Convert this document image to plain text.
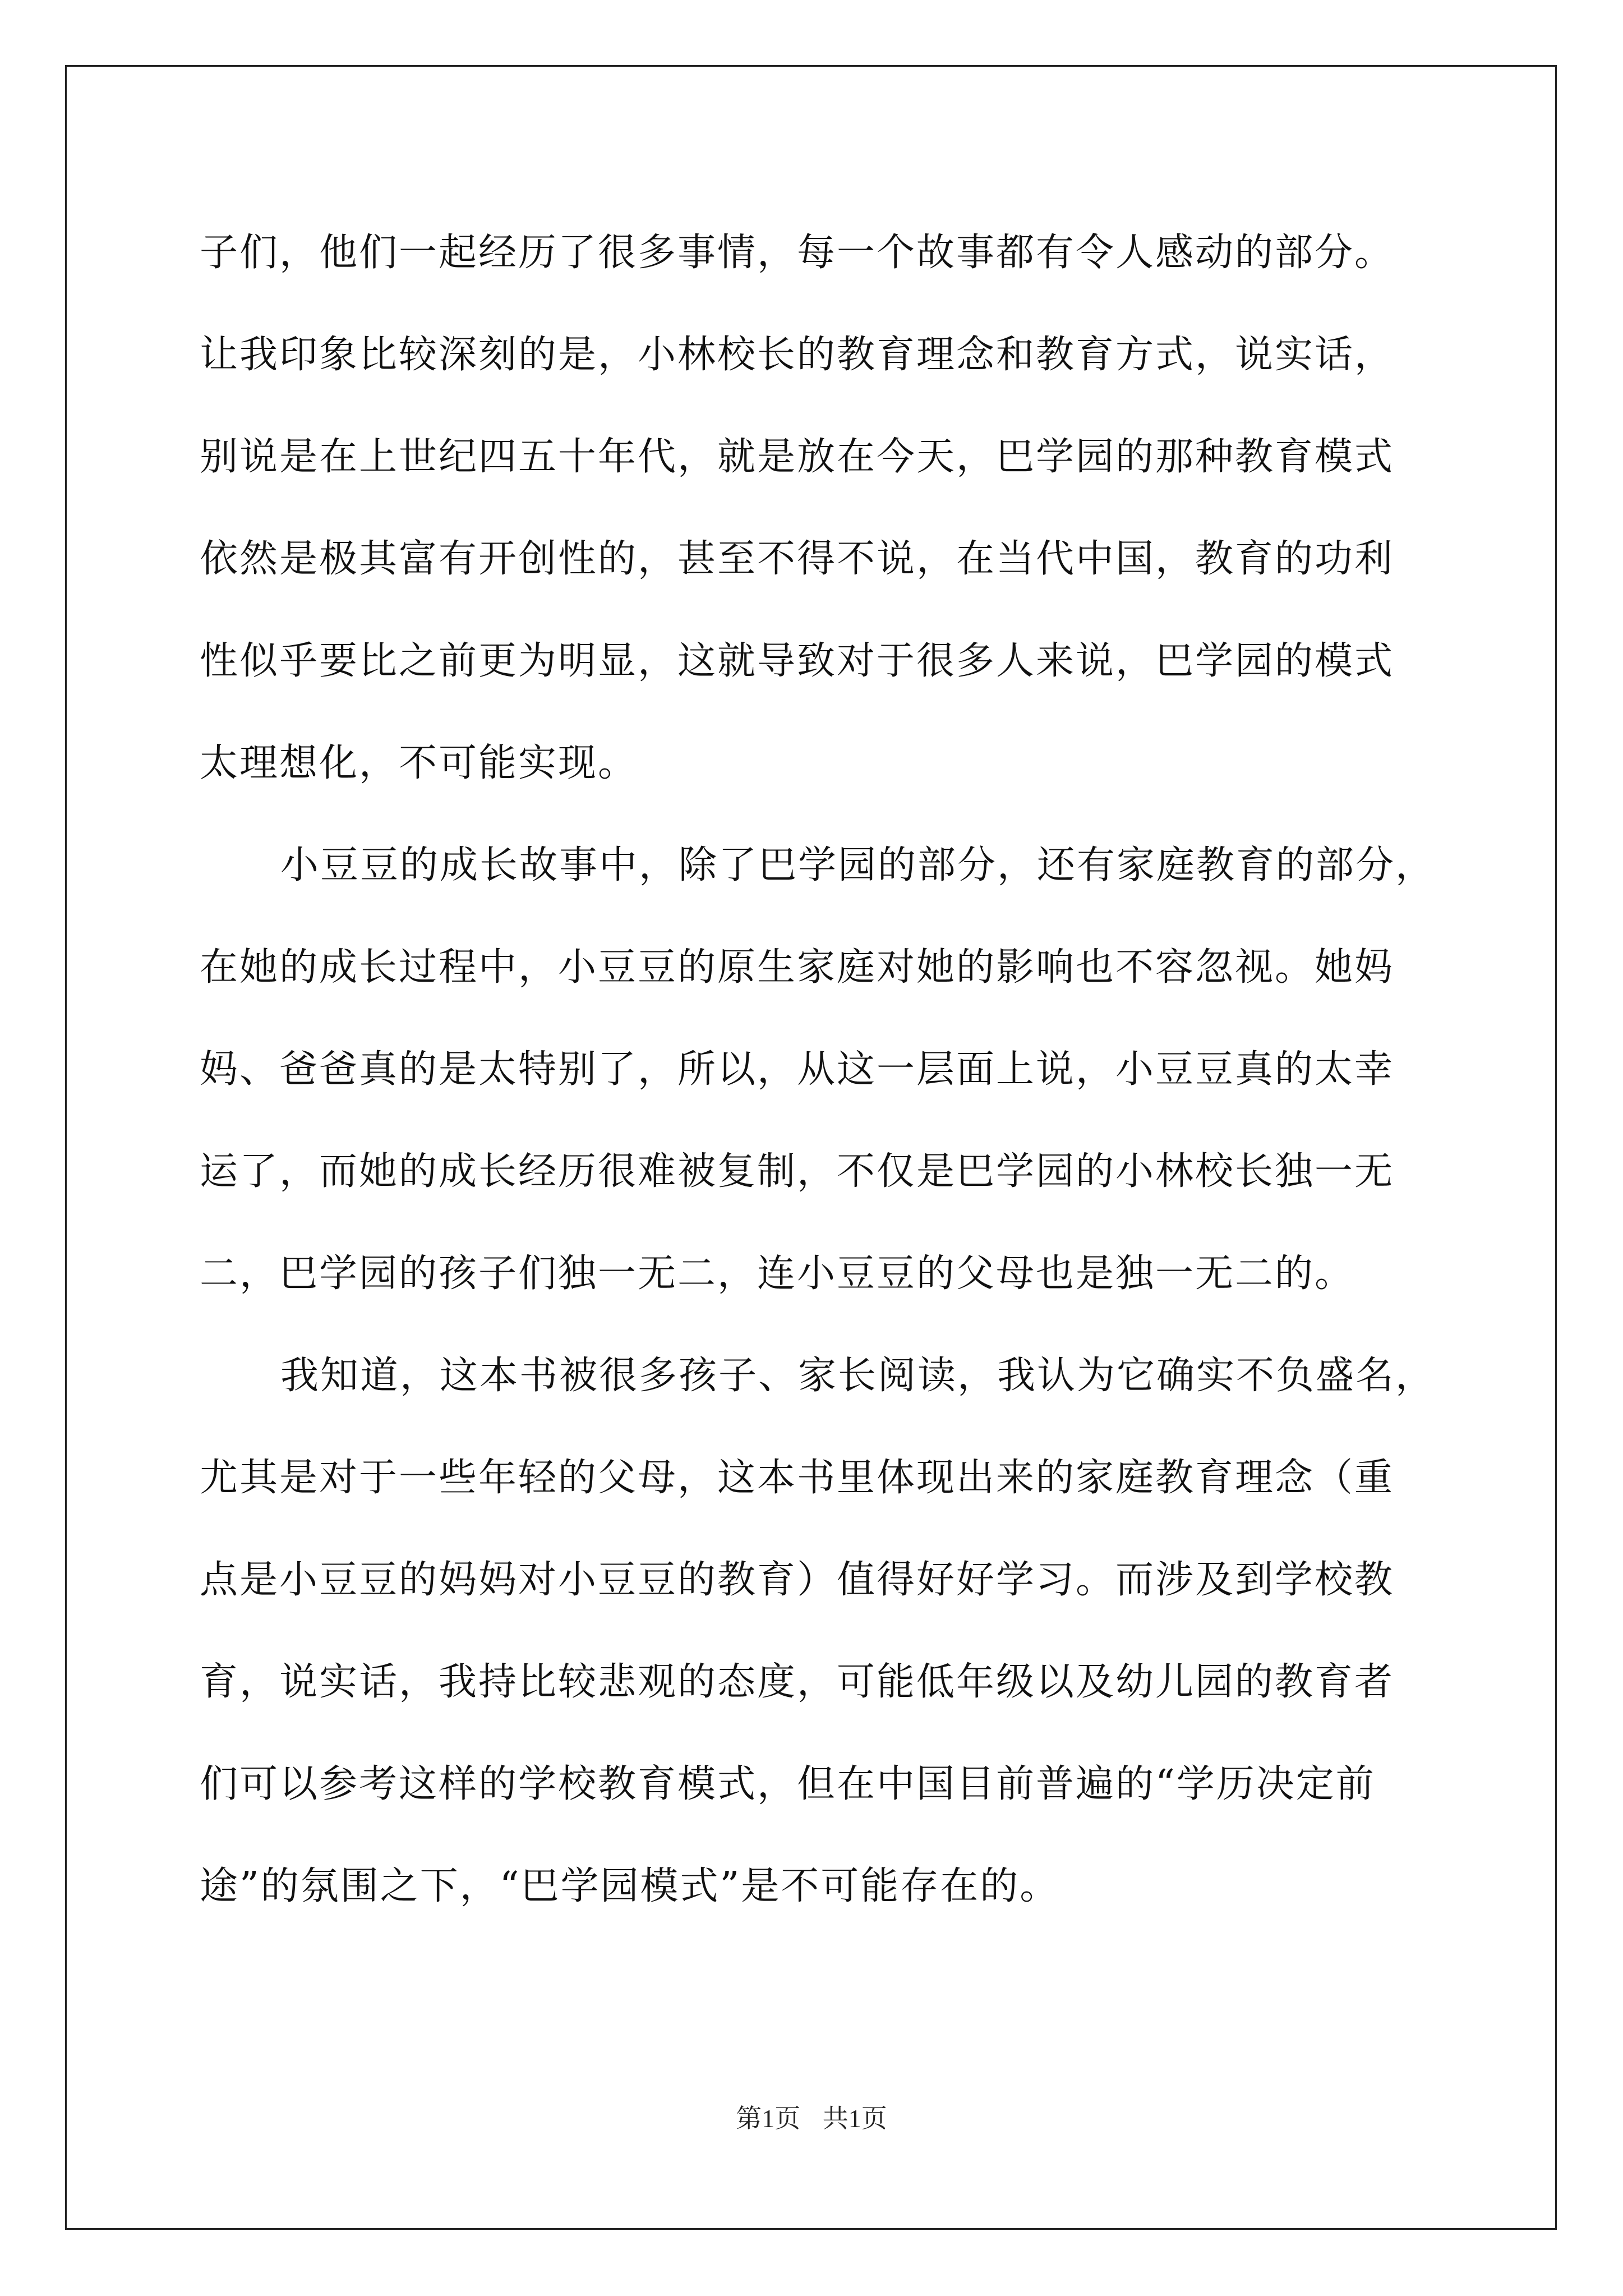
子们，他们一起经历了很多事情，每一个故事都有令人感动的部分。
让我印象比较深刻的是，小林校长的教育理念和教育方式，说实话，
别说是在上世纪四五十年代，就是放在今天，巴学园的那种教育模式
依然是极其富有开创性的，甚至不得不说，在当代中国，教育的功利
性似乎要比之前更为明显，这就导致对于很多人来说，巴学园的模式
太理想化，不可能实现。

小豆豆的成长故事中，除了巴学园的部分，还有家庭教育的部分，
在她的成长过程中，小豆豆的原生家庭对她的影响也不容忽视。她妈
妈、爸爸真的是太特别了，所以，从这一层面上说，小豆豆真的太幸
运了，而她的成长经历很难被复制，不仅是巴学园的小林校长独一无
二，巴学园的孩子们独一无二，连小豆豆的父母也是独一无二的。

我知道，这本书被很多孩子、家长阅读，我认为它确实不负盛名，
尤其是对于一些年轻的父母，这本书里体现出来的家庭教育理念（重
点是小豆豆的妈妈对小豆豆的教育）值得好好学习。而涉及到学校教
育，说实话，我持比较悲观的态度，可能低年级以及幼儿园的教育者
们可以参考这样的学校教育模式，但在中国目前普遍的“学历决定前
途”的氛围之下，“巴学园模式”是不可能存在的。

第1页 共1页
